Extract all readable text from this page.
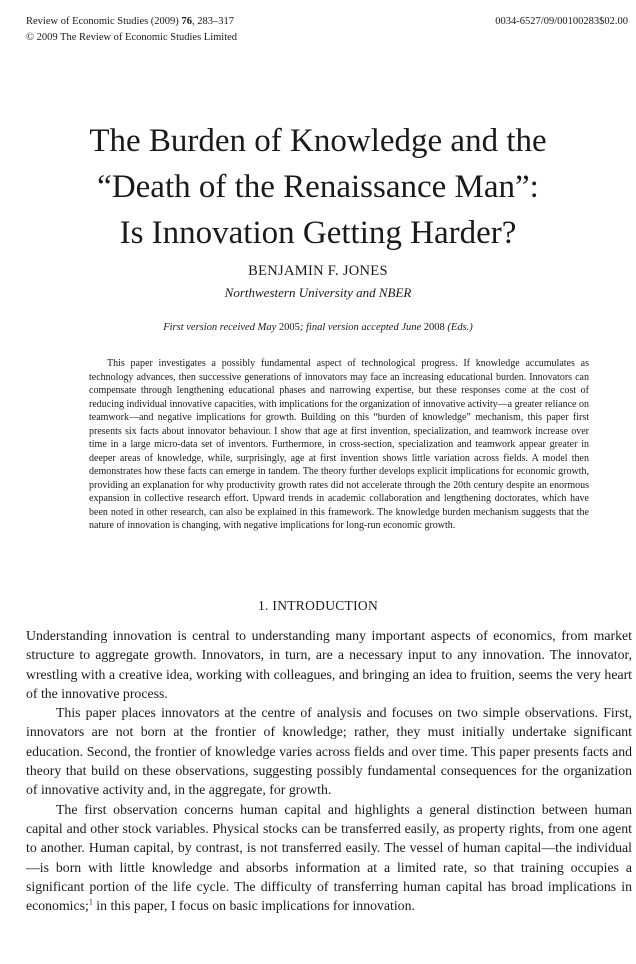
Review of Economic Studies (2009) 76, 283–317
© 2009 The Review of Economic Studies Limited
0034-6527/09/00100283$02.00
The Burden of Knowledge and the
“Death of the Renaissance Man”:
Is Innovation Getting Harder?
BENJAMIN F. JONES
Northwestern University and NBER
First version received May 2005; final version accepted June 2008 (Eds.)

This paper investigates a possibly fundamental aspect of technological progress. If knowledge accumulates as technology advances, then successive generations of innovators may face an increasing educational burden. Innovators can compensate through lengthening educational phases and narrowing expertise, but these responses come at the cost of reducing individual innovative capacities, with implications for the organization of innovative activity—a greater reliance on teamwork—and negative implications for growth. Building on this “burden of knowledge” mechanism, this paper first presents six facts about innovator behaviour. I show that age at first invention, specialization, and teamwork increase over time in a large micro-data set of inventors. Furthermore, in cross-section, specialization and teamwork appear greater in deeper areas of knowledge, while, surprisingly, age at first invention shows little variation across fields. A model then demonstrates how these facts can emerge in tandem. The theory further develops explicit implications for economic growth, providing an explanation for why productivity growth rates did not accelerate through the 20th century despite an enormous expansion in collective research effort. Upward trends in academic collaboration and lengthening doctorates, which have been noted in other research, can also be explained in this framework. The knowledge burden mechanism suggests that the nature of innovation is changing, with negative implications for long-run economic growth.

1. INTRODUCTION

Understanding innovation is central to understanding many important aspects of economics, from market structure to aggregate growth. Innovators, in turn, are a necessary input to any innovation. The innovator, wrestling with a creative idea, working with colleagues, and bringing an idea to fruition, seems the very heart of the innovative process.

This paper places innovators at the centre of analysis and focuses on two simple observations. First, innovators are not born at the frontier of knowledge; rather, they must initially undertake significant education. Second, the frontier of knowledge varies across fields and over time. This paper presents facts and theory that build on these observations, suggesting possibly fundamental consequences for the organization of innovative activity and, in the aggregate, for growth.

The first observation concerns human capital and highlights a general distinction between human capital and other stock variables. Physical stocks can be transferred easily, as property rights, from one agent to another. Human capital, by contrast, is not transferred easily. The vessel of human capital—the individual—is born with little knowledge and absorbs information at a limited rate, so that training occupies a significant portion of the life cycle. The difficulty of transferring human capital has broad implications in economics;$^1$ in this paper, I focus on basic implications for innovation.
